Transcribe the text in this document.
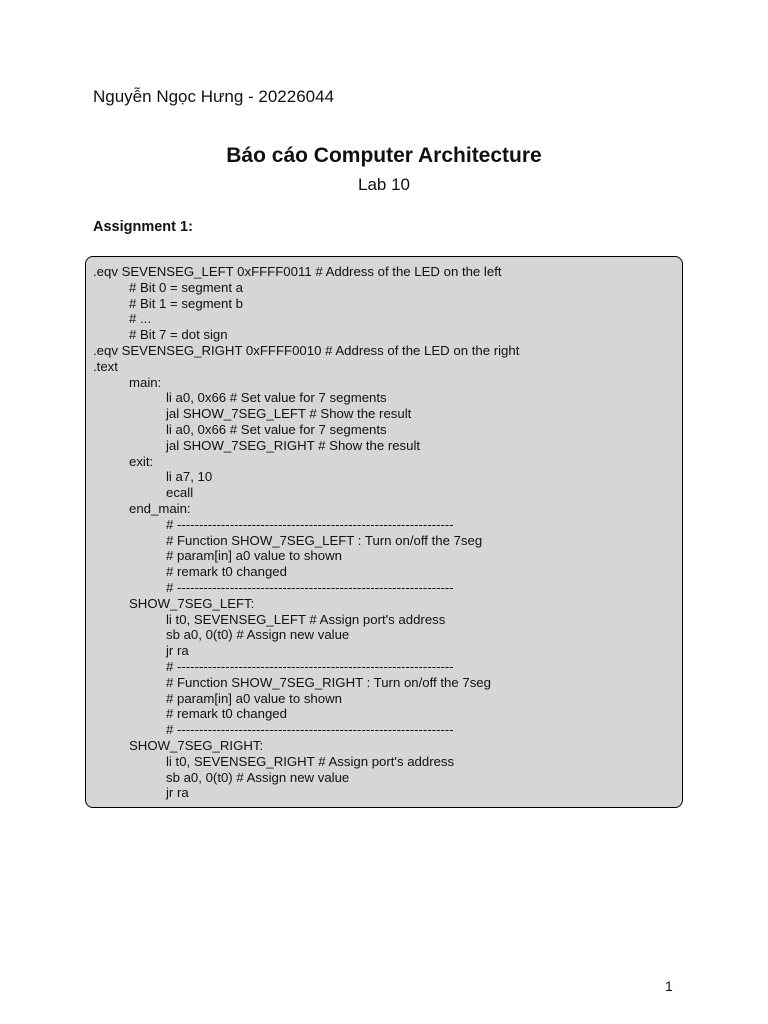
Nguyễn Ngọc Hưng - 20226044
Báo cáo Computer Architecture
Lab 10
Assignment 1:
.eqv SEVENSEG_LEFT 0xFFFF0011 # Address of the LED on the left
# Bit 0 = segment a
# Bit 1 = segment b
# ...
# Bit 7 = dot sign
.eqv SEVENSEG_RIGHT 0xFFFF0010 # Address of the LED on the right
.text
main:
li a0, 0x66 # Set value for 7 segments
jal SHOW_7SEG_LEFT # Show the result
li a0, 0x66 # Set value for 7 segments
jal SHOW_7SEG_RIGHT # Show the result
exit:
li a7, 10
ecall
end_main:
# ---------------------------------------------------------------
# Function SHOW_7SEG_LEFT : Turn on/off the 7seg
# param[in] a0 value to shown
# remark t0 changed
# ---------------------------------------------------------------
SHOW_7SEG_LEFT:
li t0, SEVENSEG_LEFT # Assign port's address
sb a0, 0(t0) # Assign new value
jr ra
# ---------------------------------------------------------------
# Function SHOW_7SEG_RIGHT : Turn on/off the 7seg
# param[in] a0 value to shown
# remark t0 changed
# ---------------------------------------------------------------
SHOW_7SEG_RIGHT:
li t0, SEVENSEG_RIGHT # Assign port's address
sb a0, 0(t0) # Assign new value
jr ra
1
